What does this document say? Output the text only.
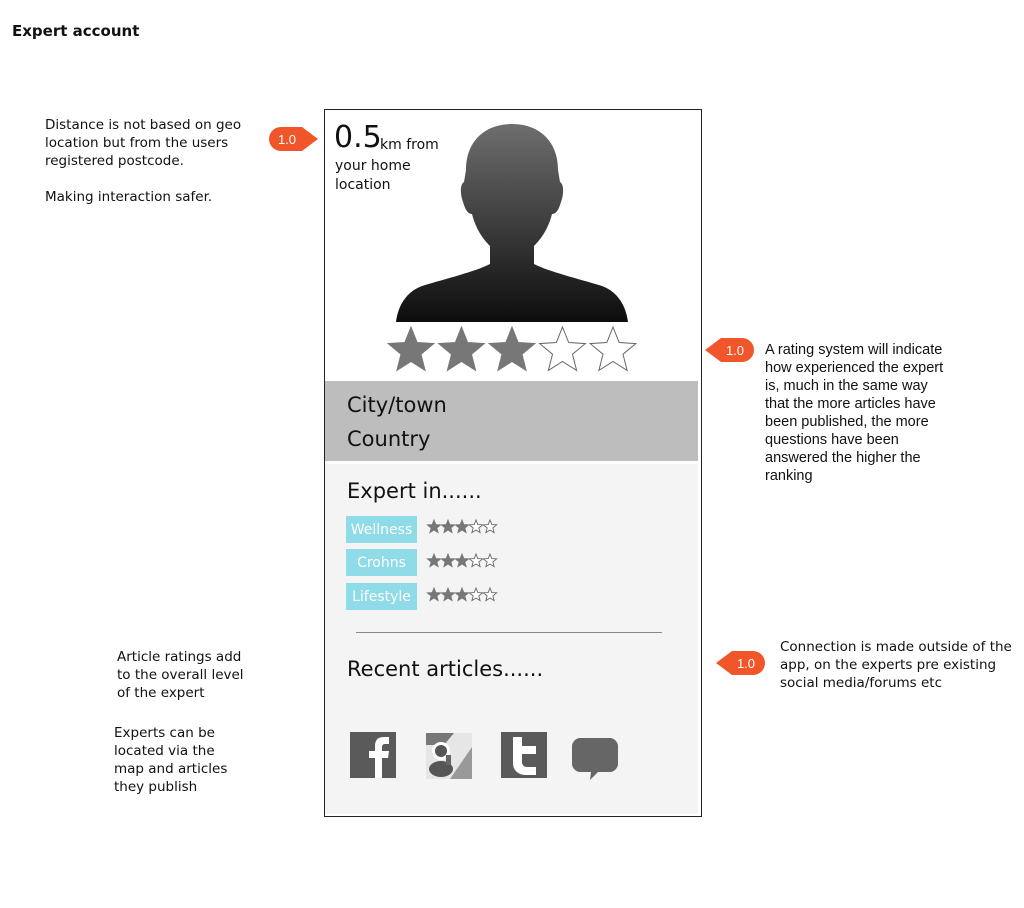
Expert account
Distance is not based on geo
location but from the users
registered postcode.
Making interaction safer.
A rating system will indicate
how experienced the expert
is, much in the same way
that the more articles have
been published, the more
questions have been
answered the higher the
ranking
Connection is made outside of the
app, on the experts pre existing
social media/forums etc
Article ratings add
to the overall level
of the expert
Experts can be
located via the
map and articles
they publish
1.0
1.0
1.0
0.5
km from
your home
location
City/town
Country
Expert in......
Wellness
Crohns
Lifestyle
Recent articles......
